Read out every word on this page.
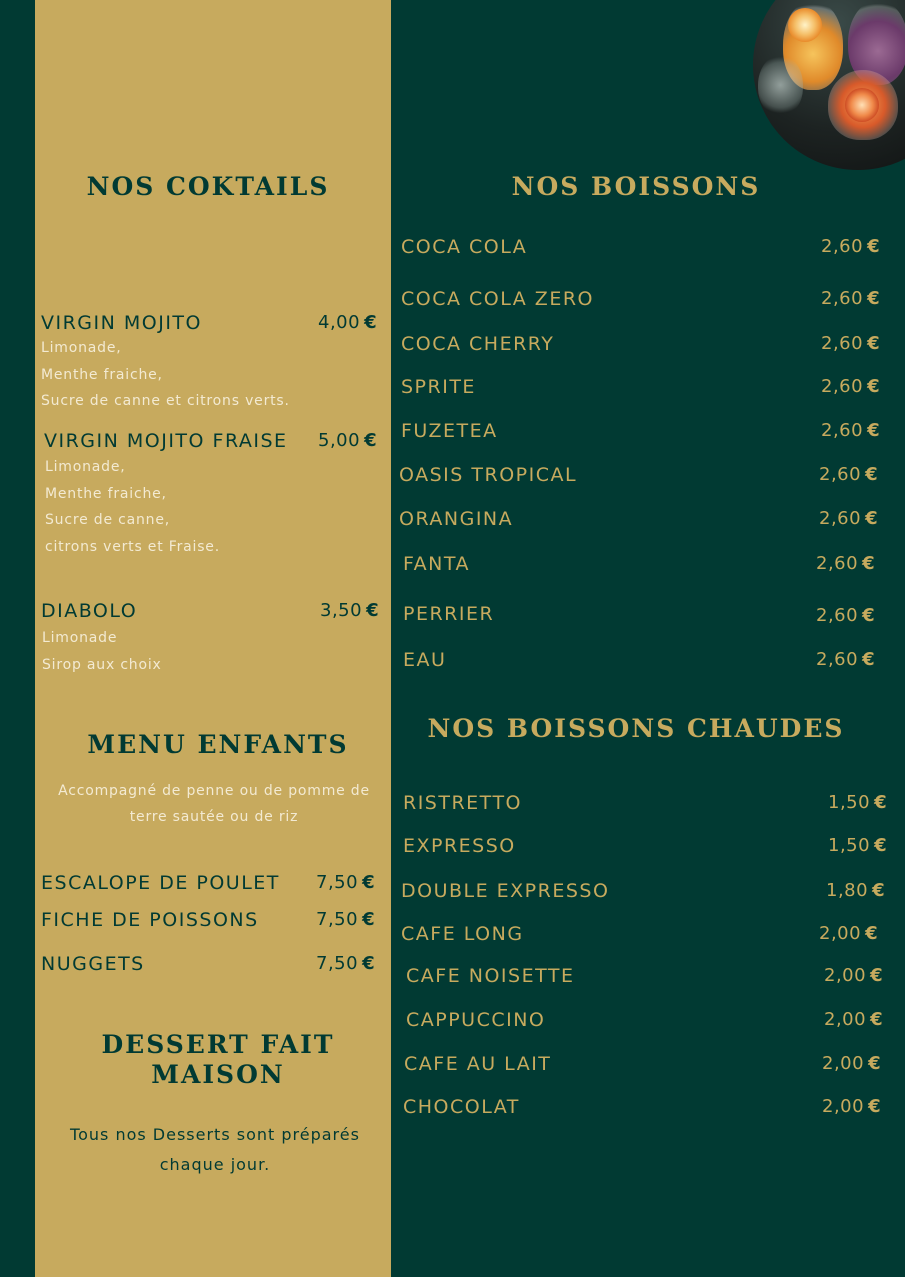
NOS COKTAILS
VIRGIN MOJITO	4,00 €
Limonade,
Menthe fraiche,
Sucre de canne et citrons verts.
VIRGIN MOJITO FRAISE 5,00 €
Limonade,
Menthe fraiche,
Sucre de canne,
citrons verts et Fraise.
DIABOLO	3,50 €
Limonade
Sirop aux choix
MENU ENFANTS
Accompagné de penne ou de pomme de terre sautée ou de riz
ESCALOPE DE POULET 7,50 €
FICHE DE POISSONS	7,50 €
NUGGETS	7,50 €
DESSERT FAIT
MAISON
Tous nos Desserts sont préparés
chaque jour.
NOS BOISSONS
COCA COLA	2,60 €
COCA COLA ZERO	2,60 €
COCA CHERRY	2,60 €
SPRITE	2,60 €
FUZETEA	2,60 €
OASIS TROPICAL	2,60 €
ORANGINA	2,60 €
FANTA	2,60 €
PERRIER	2,60 €
EAU	2,60 €
NOS BOISSONS CHAUDES
RISTRETTO	1,50 €
EXPRESSO	1,50 €
DOUBLE EXPRESSO	1,80 €
CAFE LONG	2,00 €
CAFE NOISETTE	2,00 €
CAPPUCCINO	2,00 €
CAFE AU LAIT	2,00 €
CHOCOLAT	2,00 €
